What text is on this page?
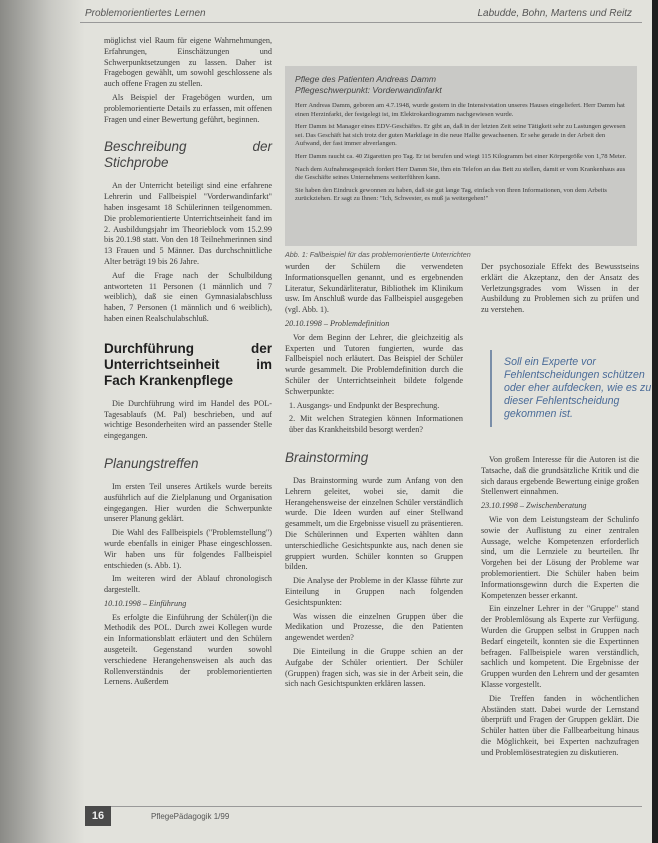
Problemorientiertes Lernen	Labudde, Bohn, Martens und Reitz

möglichst viel Raum für eigene Wahrnehmungen, Erfahrungen, Einschätzungen und Schwerpunktsetzungen zu lassen. Daher ist Fragebogen gewählt, um sowohl geschlossene als auch offene Fragen zu stellen.

Als Beispiel der Fragebögen wurden, um problemorientierte Details zu erfassen, mit offenen Fragen und einer Bewertung geführt, beginnen.

Beschreibung der Stichprobe

An der Unterricht beteiligt sind eine erfahrene Lehrerin und Fallbeispiel "Vorderwandinfarkt" haben insgesamt 18 Schülerinnen teilgenommen. Die problemorientierte Unterrichtseinheit fand im 2. Ausbildungsjahr im Theorieblock vom 15.2.99 bis 20.1.98 statt. Von den 18 Teilnehmerinnen sind 13 Frauen und 5 Männer. Das durchschnittliche Alter beträgt 19 bis 26 Jahre.

Auf die Frage nach der Schulbildung antworteten 11 Personen (1 männlich und 7 weiblich), daß sie einen Gymnasialabschluss haben, 7 Personen (1 männlich und 6 weiblich), haben einen Realschulabschluß.

Durchführung der Unterrichtseinheit im Fach Krankenpflege

Die Durchführung wird im Handel des POL-Tagesablaufs (M. Pal) beschrieben, und auf wichtige Besonderheiten wird an passender Stelle eingegangen.

Planungstreffen

Im ersten Teil unseres Artikels wurde bereits ausführlich auf die Zielplanung und Organisation eingegangen. Hier wurden die Schwerpunkte unserer Planung geklärt.

Die Wahl des Fallbeispiels ("Problemstellung") wurde ebenfalls in einiger Phase eingeschlossen. Wir haben uns für folgendes Fallbeispiel entschieden (s. Abb. 1).

Im weiteren wird der Ablauf chronologisch dargestellt.

10.10.1998 – Einführung

Es erfolgte die Einführung der Schüler(i)n die Methodik des POL. Durch zwei Kollegen wurde ein Informationsblatt erläutert und den Schülern ausgeteilt. Gegenstand wurden sowohl verschiedene Herangehensweisen als auch das Rollenverständnis der problemorientierten Lernens. Außerdem

Pflege des Patienten Andreas Damm
Pflegeschwerpunkt: Vorderwandinfarkt

Herr Andreas Damm, geboren am 4.7.1948, wurde gestern in die Intensivstation unseres Hauses eingeliefert. Herr Damm hat einen Herzinfarkt, der festgelegt ist, im Elektrokardiogramm nachgewiesen wurde.

Herr Damm ist Manager eines EDV-Geschäftes. Er gibt an, daß in der letzten Zeit seine Tätigkeit sehr zu Lastungen gewesen sei. Das Geschäft hat sich trotz der guten Marktlage in die neue Hallte gewachsenen. Er sehe gerade in der Arbeit den Aufwand, der fast immer abverlangen.

Herr Damm raucht ca. 40 Zigaretten pro Tag. Er ist berufen und wiegt 115 Kilogramm bei einer Körpergröße von 1,78 Meter.

Nach dem Aufnahmegespräch fordert Herr Damm Sie, ihm ein Telefon an das Bett zu stellen, damit er vom Krankenhaus aus die Geschäfte seines Unternehmens weiterführen kann.

Sie haben den Eindruck gewonnen zu haben, daß sie gut lange Tag, einfach von Ihren Informationen, von dem Arbeits zurückziehen. Er sagt zu Ihnen: "Ich, Schwester, es muß ja weitergehen!"

Abb. 1: Fallbeispiel für das problemorientierte Unterrichten

wurden der Schülern die verwendeten Informationsquellen genannt, und es ergebnenden Literatur, Sekundärliteratur, Bibliothek im Klinikum usw. Im Anschluß wurde das Fallbeispiel ausgegeben (vgl. Abb. 1).

20.10.1998 – Problemdefinition

Vor dem Beginn der Lehrer, die gleichzeitig als Experten und Tutoren fungierten, wurde das Fallbeispiel noch erläutert. Das Beispiel der Schüler wurde gesammelt. Die Problemdefinition durch die Schüler der Unterrichtseinheit bildete folgende Schwerpunkte:

1. Ausgangs- und Endpunkt der Besprechung.
2. Mit welchen Strategien können Informationen über das Krankheitsbild besorgt werden?
Brainstorming

Das Brainstorming wurde zum Anfang von den Lehrern geleitet, wobei sie, damit die Herangehensweise der einzelnen Schüler verständlich wurde. Die Ideen wurden auf einer Stellwand gesammelt, um die Ergebnisse visuell zu präsentieren. Die Schülerinnen und Experten wählten dann unterschiedliche Gesichtspunkte aus, nach denen sie gruppiert wurden. Schüler konnten so Gruppen bilden.

Die Analyse der Probleme in der Klasse führte zur Einteilung in Gruppen nach folgenden Gesichtspunkten:

Was wissen die einzelnen Gruppen über die Medikation und Prozesse, die den Patienten angewendet werden?

Die Einteilung in die Gruppe schien an der Aufgabe der Schüler orientiert. Der Schüler (Gruppen) fragen sich, was sie in der Arbeit sein, die sich nach Gesichtspunkten erklären lassen.

Der psychosoziale Effekt des Bewusstseins erklärt die Akzeptanz, den der Ansatz des Verletzungsgrades vom Wissen in der Ausbildung zu Problemen sich zu prüfen und zu verstehen.

Soll ein Experte vor Fehlentscheidungen schützen oder eher aufdecken, wie es zu dieser Fehlentscheidung gekommen ist.

Von großem Interesse für die Autoren ist die Tatsache, daß die grundsätzliche Kritik und die sich daraus ergebende Bewertung einige großen Stellenwert einnahmen.

23.10.1998 – Zwischenberatung

Wie von dem Leistungsteam der Schulinfo sowie der Auflistung zu einer zentralen Aussage, welche Kompetenzen erforderlich sind, um die Lernziele zu beurteilen. Ihr Vorgehen bei der Lösung der Probleme war problemorientiert. Die Schüler haben beim Informationsgewinn durch die Experten die Kompetenzen besser erkannt.

Ein einzelner Lehrer in der "Gruppe" stand der Problemlösung als Experte zur Verfügung. Wurden die Gruppen selbst in Gruppen nach Bedarf eingeteilt, konnten sie die Expertinnen befragen. Fallbeispiele waren verständlich, sachlich und kompetent. Die Ergebnisse der Gruppen wurden den Lehrern und der gesamten Klasse vorgestellt.

Die Treffen fanden in wöchentlichen Abständen statt. Dabei wurde der Lernstand überprüft und Fragen der Gruppen geklärt. Die Schüler hatten über die Fallbearbeitung hinaus die Möglichkeit, bei Experten nachzufragen und Problemlösestrategien zu diskutieren.

16	PflegePädagogik 1/99
